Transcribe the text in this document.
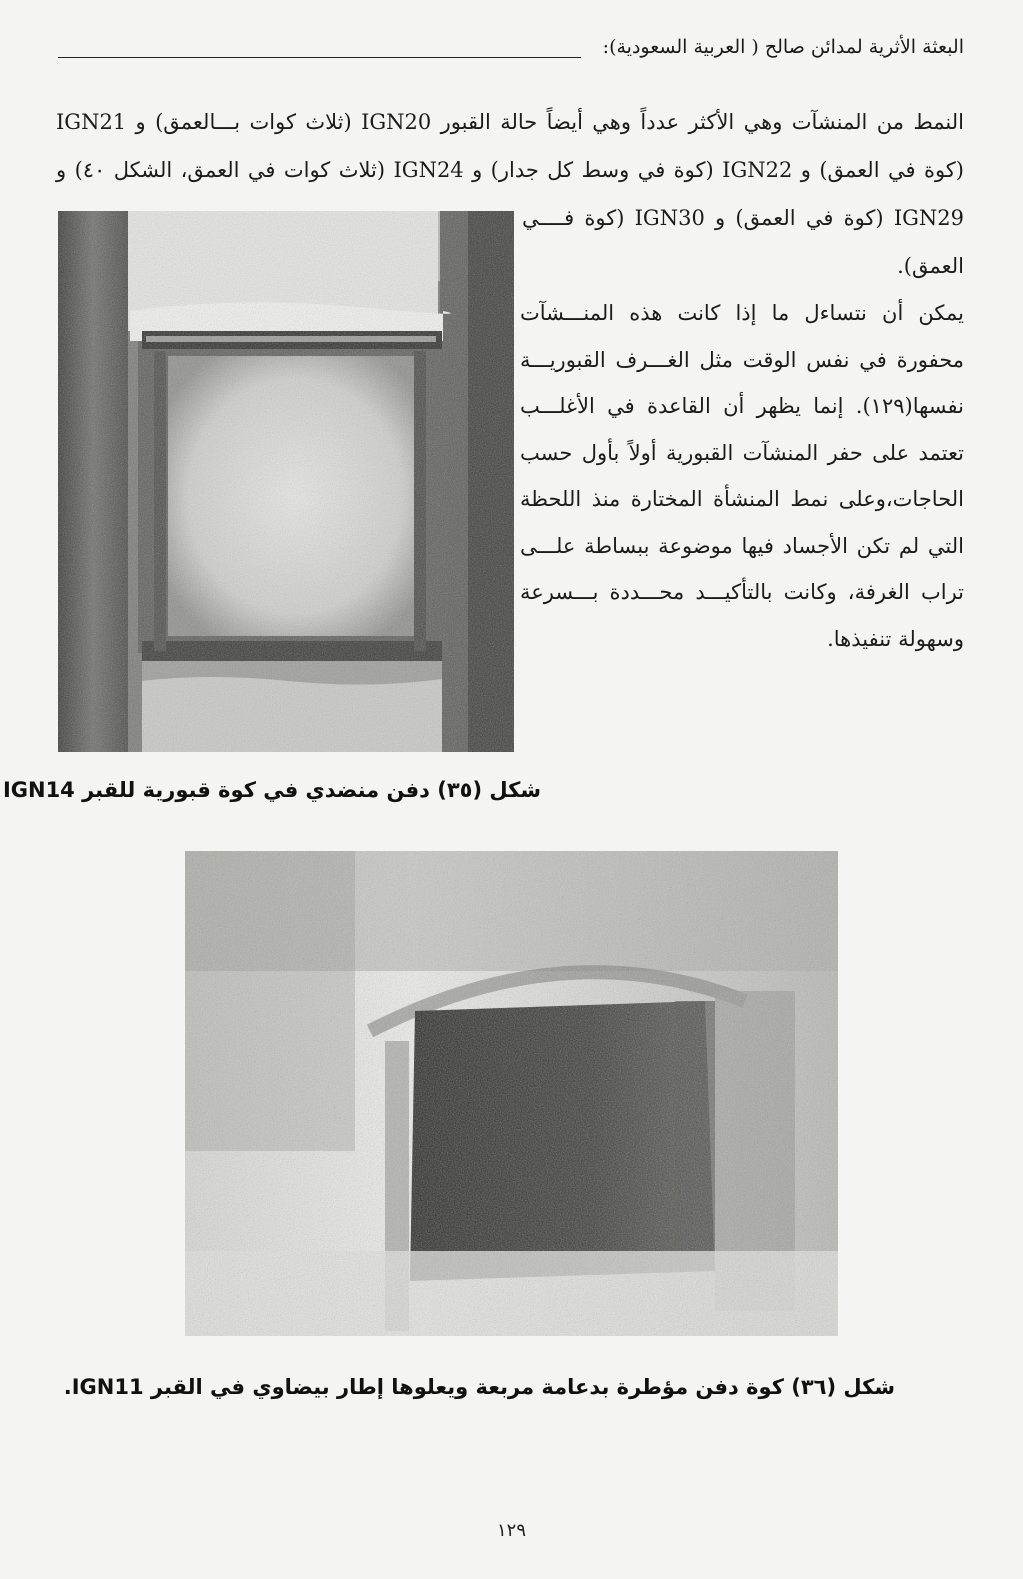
البعثة الأثرية لمدائن صالح ( العربية السعودية):
النمط من المنشآت وهي الأكثر عدداً وهي أيضاً حالة القبور IGN20 (ثلاث كوات بـــالعمق) و IGN21
(كوة في العمق) و IGN22 (كوة في وسط كل جدار) و IGN24 (ثلاث كوات في العمق، الشكل ٤٠) و
IGN29 (كوة في العمق) و IGN30 (كوة فــــي
العمق).
يمكن أن نتساءل ما إذا كانت هذه المنـــشآت
محفورة في نفس الوقت مثل الغـــرف القبوريـــة
نفسها(١٢٩). إنما يظهر أن القاعدة في الأغلـــب
تعتمد على حفر المنشآت القبورية أولاً بأول حسب
الحاجات،وعلى نمط المنشأة المختارة منذ اللحظة
التي لم تكن الأجساد فيها موضوعة ببساطة علـــى
تراب الغرفة، وكانت بالتأكيـــد محـــددة بـــسرعة
وسهولة تنفيذها.
شكل (٣٥) دفن منضدي في كوة قبورية للقبر IGN14
شكل (٣٦) كوة دفن مؤطرة بدعامة مربعة ويعلوها إطار بيضاوي في القبر IGN11.
١٢٩
